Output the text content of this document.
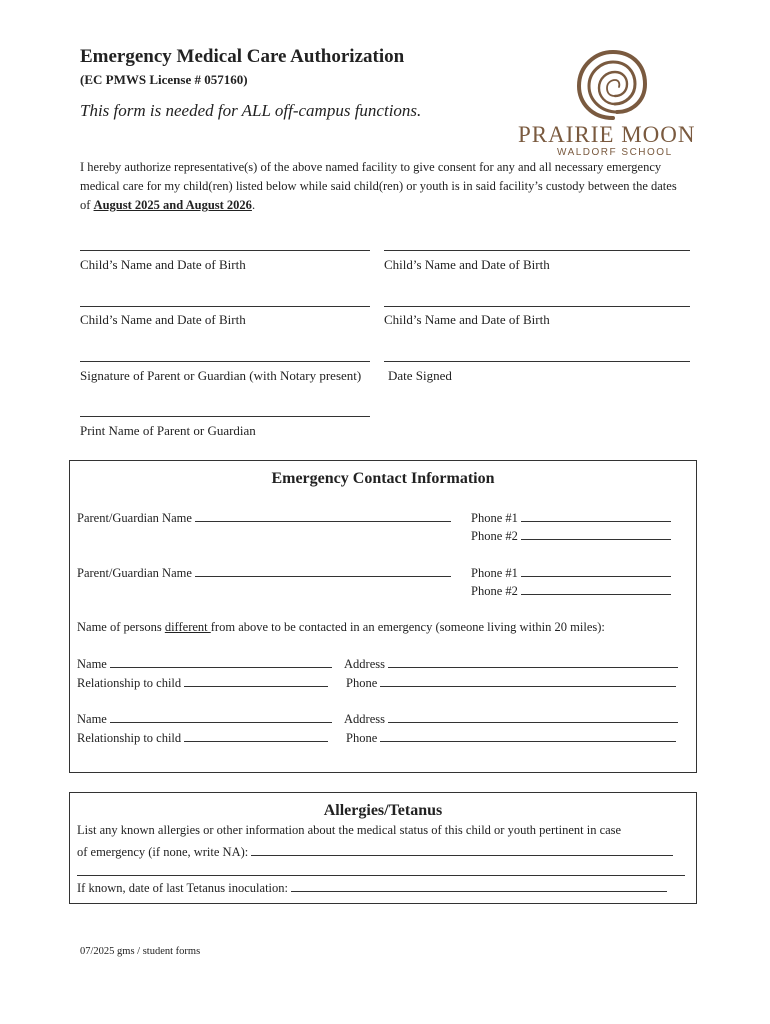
Emergency Medical Care Authorization
(EC PMWS License # 057160)
This form is needed for ALL off-campus functions.
PRAIRIE MOON
WALDORF SCHOOL
I hereby authorize representative(s) of the above named facility to give consent for any and all necessary emergency medical care for my child(ren) listed below while said child(ren) or youth is in said facility’s custody between the dates of August 2025 and August 2026.
Child’s Name and Date of Birth	Child’s Name and Date of Birth
Child’s Name and Date of Birth	Child’s Name and Date of Birth
Signature of Parent or Guardian (with Notary present) Date Signed
Print Name of Parent or Guardian
Emergency Contact Information
Parent/Guardian Name	Phone #1
Phone #2
Parent/Guardian Name	Phone #1
Phone #2
Name of persons different from above to be contacted in an emergency (someone living within 20 miles):
Name	Address
Relationship to child	Phone
Name	Address
Relationship to child	Phone
Allergies/Tetanus
List any known allergies or other information about the medical status of this child or youth pertinent in case
of emergency (if none, write NA):
If known, date of last Tetanus inoculation:
07/2025 gms / student forms
